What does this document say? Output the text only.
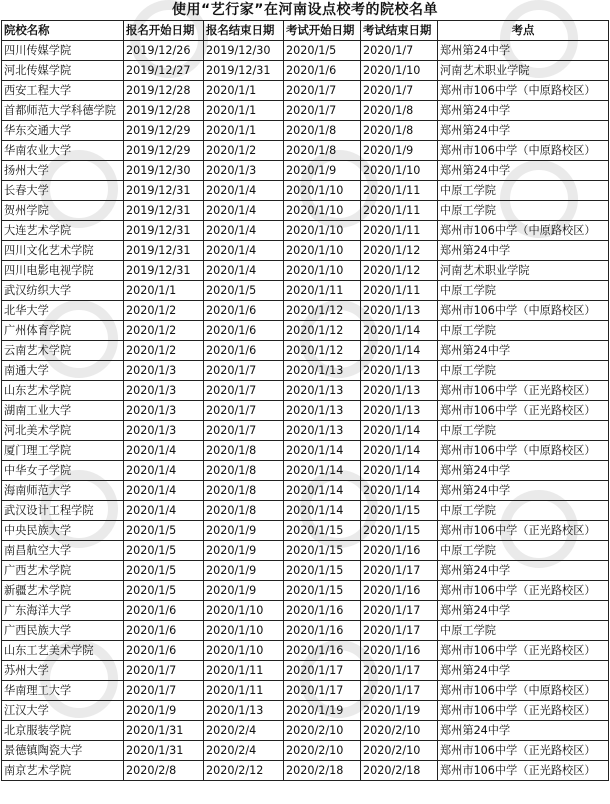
使用“艺行家”在河南设点校考的院校名单
院校名称	报名开始日期	报名结束日期	考试开始日期	考试结束日期	考点
四川传媒学院	2019/12/26	2019/12/30	2020/1/5	2020/1/7	郑州第24中学
河北传媒学院	2019/12/27	2019/12/31	2020/1/6	2020/1/10	河南艺术职业学院
西安工程大学	2019/12/28	2020/1/1	2020/1/7	2020/1/7	郑州市106中学（中原路校区）
首都师范大学科德学院	2019/12/28	2020/1/1	2020/1/7	2020/1/8	郑州第24中学
华东交通大学	2019/12/29	2020/1/1	2020/1/8	2020/1/8	郑州第24中学
华南农业大学	2019/12/29	2020/1/2	2020/1/8	2020/1/9	郑州市106中学（中原路校区）
扬州大学	2019/12/30	2020/1/3	2020/1/9	2020/1/10	郑州第24中学
长春大学	2019/12/31	2020/1/4	2020/1/10	2020/1/11	中原工学院
贺州学院	2019/12/31	2020/1/4	2020/1/10	2020/1/11	中原工学院
大连艺术学院	2019/12/31	2020/1/4	2020/1/10	2020/1/11	郑州市106中学（中原路校区）
四川文化艺术学院	2019/12/31	2020/1/4	2020/1/10	2020/1/12	郑州第24中学
四川电影电视学院	2019/12/31	2020/1/4	2020/1/10	2020/1/12	河南艺术职业学院
武汉纺织大学	2020/1/1	2020/1/5	2020/1/11	2020/1/11	中原工学院
北华大学	2020/1/2	2020/1/6	2020/1/12	2020/1/13	郑州市106中学（中原路校区）
广州体育学院	2020/1/2	2020/1/6	2020/1/12	2020/1/14	中原工学院
云南艺术学院	2020/1/2	2020/1/6	2020/1/12	2020/1/14	郑州第24中学
南通大学	2020/1/3	2020/1/7	2020/1/13	2020/1/13	中原工学院
山东艺术学院	2020/1/3	2020/1/7	2020/1/13	2020/1/13	郑州市106中学（正光路校区）
湖南工业大学	2020/1/3	2020/1/7	2020/1/13	2020/1/13	郑州市106中学（正光路校区）
河北美术学院	2020/1/3	2020/1/7	2020/1/13	2020/1/14	中原工学院
厦门理工学院	2020/1/4	2020/1/8	2020/1/14	2020/1/14	郑州市106中学（中原路校区）
中华女子学院	2020/1/4	2020/1/8	2020/1/14	2020/1/14	郑州第24中学
海南师范大学	2020/1/4	2020/1/8	2020/1/14	2020/1/14	郑州第24中学
武汉设计工程学院	2020/1/4	2020/1/8	2020/1/14	2020/1/15	中原工学院
中央民族大学	2020/1/5	2020/1/9	2020/1/15	2020/1/15	郑州市106中学（正光路校区）
南昌航空大学	2020/1/5	2020/1/9	2020/1/15	2020/1/16	中原工学院
广西艺术学院	2020/1/5	2020/1/9	2020/1/15	2020/1/17	郑州第24中学
新疆艺术学院	2020/1/5	2020/1/9	2020/1/15	2020/1/16	郑州市106中学（正光路校区）
广东海洋大学	2020/1/6	2020/1/10	2020/1/16	2020/1/17	郑州第24中学
广西民族大学	2020/1/6	2020/1/10	2020/1/16	2020/1/17	中原工学院
山东工艺美术学院	2020/1/6	2020/1/10	2020/1/16	2020/1/16	郑州市106中学（正光路校区）
苏州大学	2020/1/7	2020/1/11	2020/1/17	2020/1/17	郑州第24中学
华南理工大学	2020/1/7	2020/1/11	2020/1/17	2020/1/17	郑州市106中学（中原路校区）
江汉大学	2020/1/9	2020/1/13	2020/1/19	2020/1/19	郑州市106中学（正光路校区）
北京服装学院	2020/1/31	2020/2/4	2020/2/10	2020/2/10	郑州第24中学
景德镇陶瓷大学	2020/1/31	2020/2/4	2020/2/10	2020/2/10	郑州市106中学（正光路校区）
南京艺术学院	2020/2/8	2020/2/12	2020/2/18	2020/2/18	郑州市106中学（正光路校区）
